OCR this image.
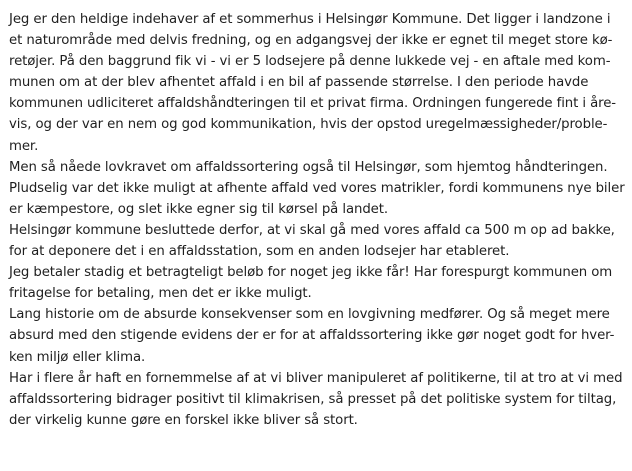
Jeg er den heldige indehaver af et sommerhus i Helsingør Kommune. Det ligger i landzone i
et naturområde med delvis fredning, og en adgangsvej der ikke er egnet til meget store kø-
retøjer. På den baggrund fik vi - vi er 5 lodsejere på denne lukkede vej - en aftale med kom-
munen om at der blev afhentet affald i en bil af passende størrelse. I den periode havde
kommunen udliciteret affaldshåndteringen til et privat firma. Ordningen fungerede fint i åre-
vis, og der var en nem og god kommunikation, hvis der opstod uregelmæssigheder/proble-
mer.
Men så nåede lovkravet om affaldssortering også til Helsingør, som hjemtog håndteringen.
Pludselig var det ikke muligt at afhente affald ved vores matrikler, fordi kommunens nye biler
er kæmpestore, og slet ikke egner sig til kørsel på landet.
Helsingør kommune besluttede derfor, at vi skal gå med vores affald ca 500 m op ad bakke,
for at deponere det i en affaldsstation, som en anden lodsejer har etableret.
Jeg betaler stadig et betragteligt beløb for noget jeg ikke får! Har forespurgt kommunen om
fritagelse for betaling, men det er ikke muligt.
Lang historie om de absurde konsekvenser som en lovgivning medfører. Og så meget mere
absurd med den stigende evidens der er for at affaldssortering ikke gør noget godt for hver-
ken miljø eller klima.
Har i flere år haft en fornemmelse af at vi bliver manipuleret af politikerne, til at tro at vi med
affaldssortering bidrager positivt til klimakrisen, så presset på det politiske system for tiltag,
der virkelig kunne gøre en forskel ikke bliver så stort.
